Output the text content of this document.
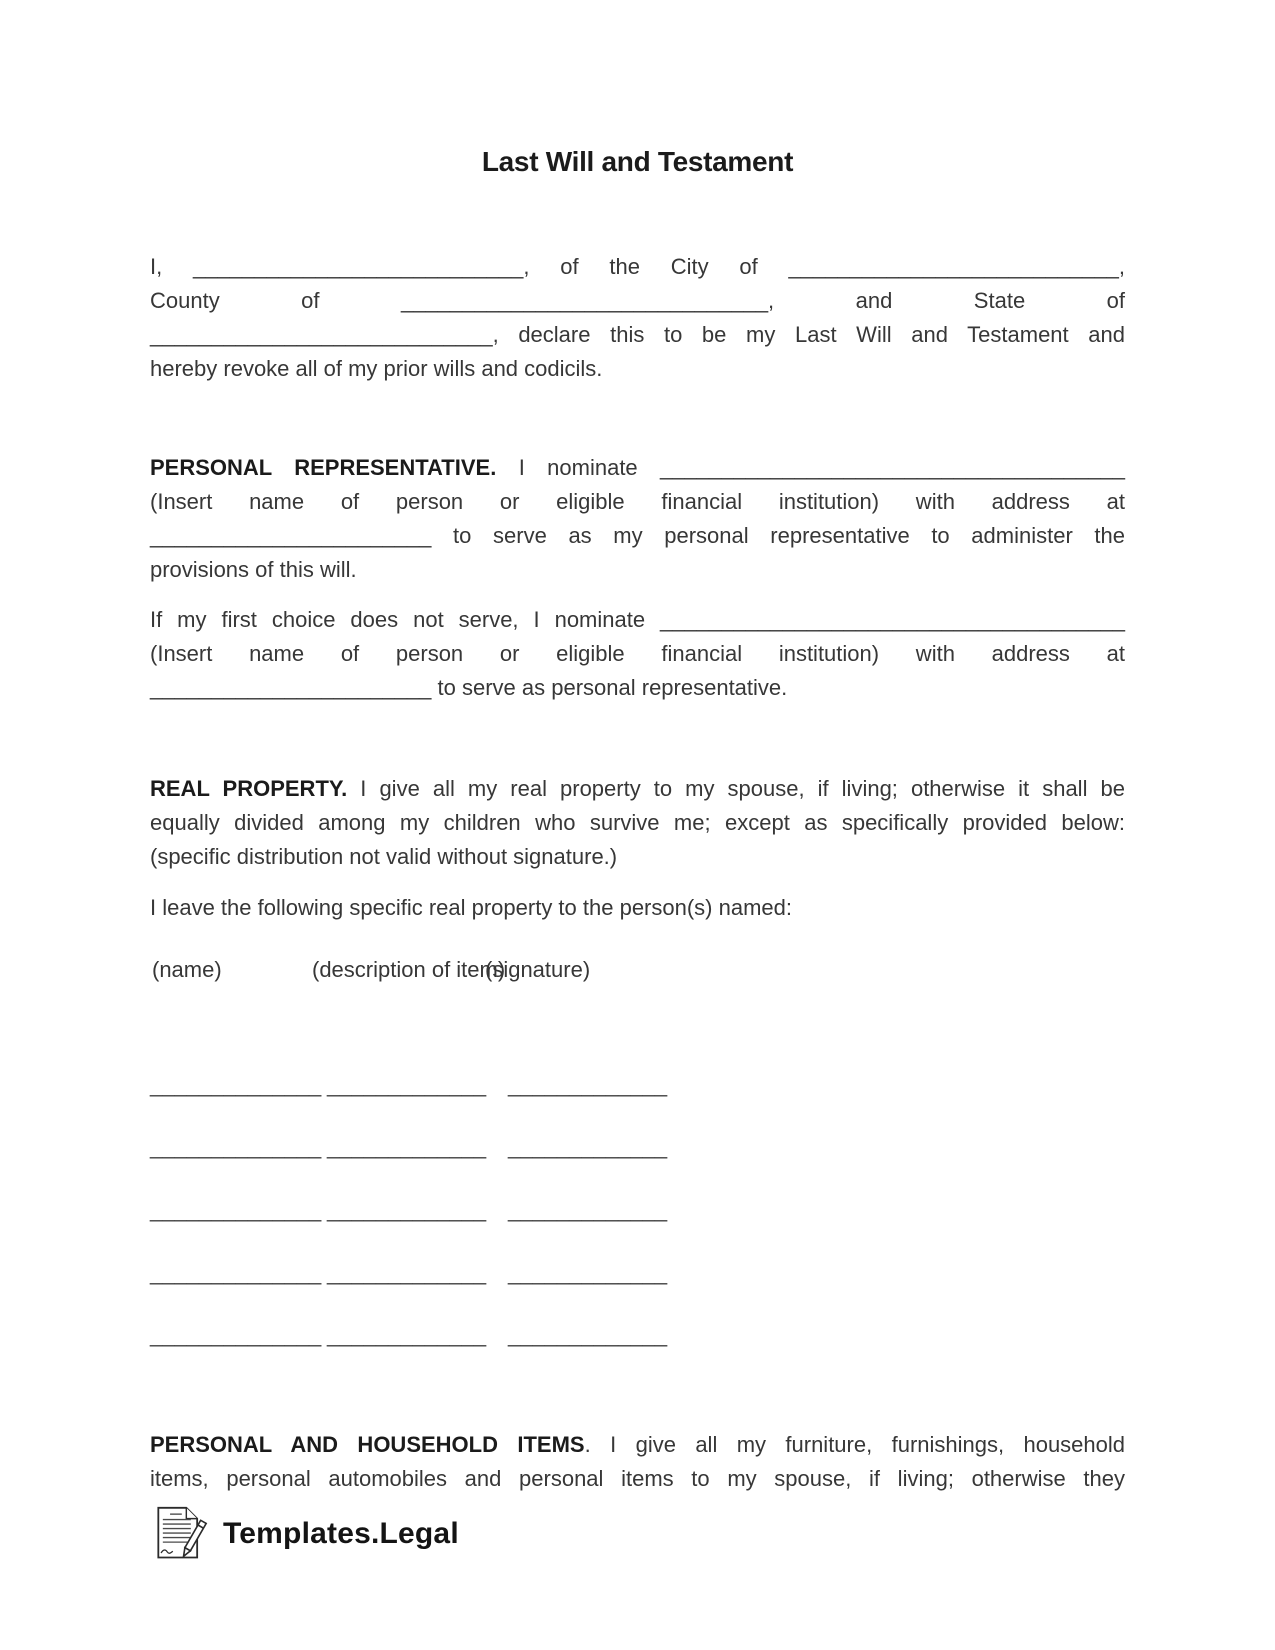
Last Will and Testament
I, ___________________________, of the City of ___________________________,
County of ______________________________, and State of
____________________________, declare this to be my Last Will and Testament and
hereby revoke all of my prior wills and codicils.
PERSONAL REPRESENTATIVE. I nominate ______________________________________
(Insert name of person or eligible financial institution) with address at
_______________________ to serve as my personal representative to administer the
provisions of this will.
If my first choice does not serve, I nominate ______________________________________
(Insert name of person or eligible financial institution) with address at
_______________________ to serve as personal representative.
REAL PROPERTY. I give all my real property to my spouse, if living; otherwise it shall be
equally divided among my children who survive me; except as specifically provided below:
(specific distribution not valid without signature.)
I leave the following specific real property to the person(s) named:
(name)	(description of item)
(signature)
______________ _____________ _____________
______________ _____________ _____________
______________ _____________ _____________
______________ _____________ _____________
______________ _____________ _____________
PERSONAL AND HOUSEHOLD ITEMS. I give all my furniture, furnishings, household
items, personal automobiles and personal items to my spouse, if living; otherwise they
Templates.Legal
